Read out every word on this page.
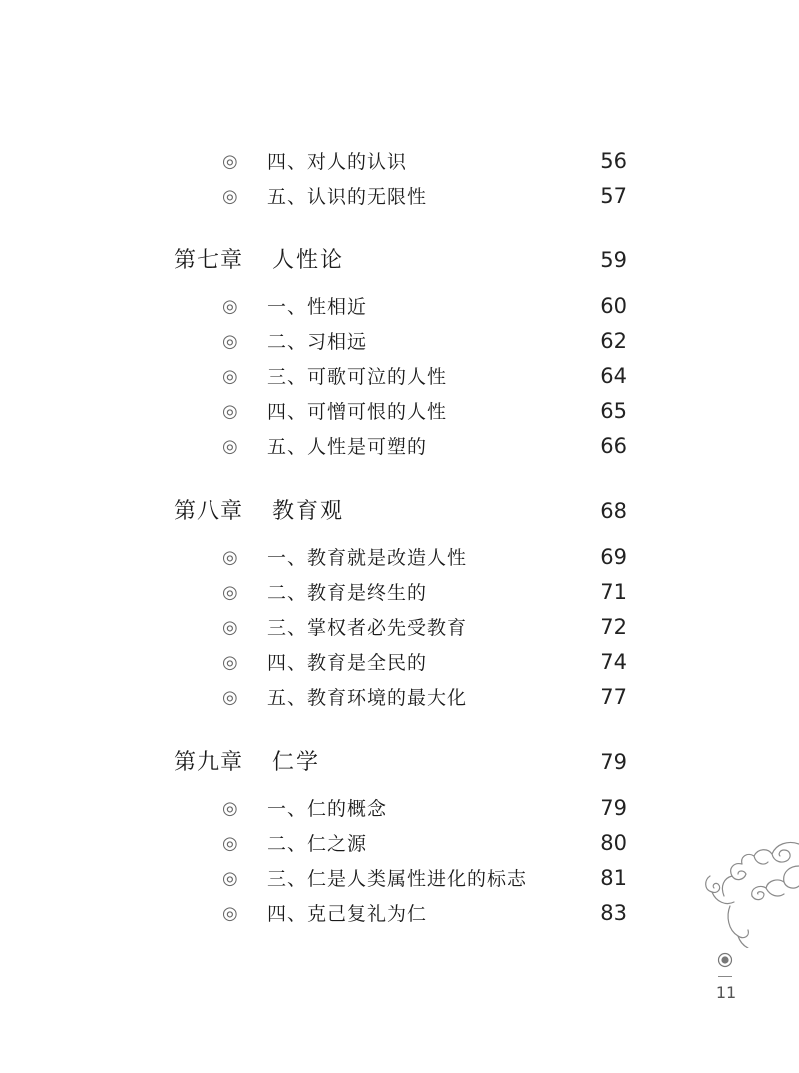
◎ 四、对人的认识	56
◎ 五、认识的无限性	57
第七章 人性论	59
◎ 一、性相近	60
◎ 二、习相远	62
◎ 三、可歌可泣的人性	64
◎ 四、可憎可恨的人性	65
◎ 五、人性是可塑的	66
第八章 教育观	68
◎ 一、教育就是改造人性	69
◎ 二、教育是终生的	71
◎ 三、掌权者必先受教育	72
◎ 四、教育是全民的	74
◎ 五、教育环境的最大化	77
第九章 仁学	79
◎ 一、仁的概念	79
◎ 二、仁之源	80
◎ 三、仁是人类属性进化的标志	81
◎ 四、克己复礼为仁	83
11
